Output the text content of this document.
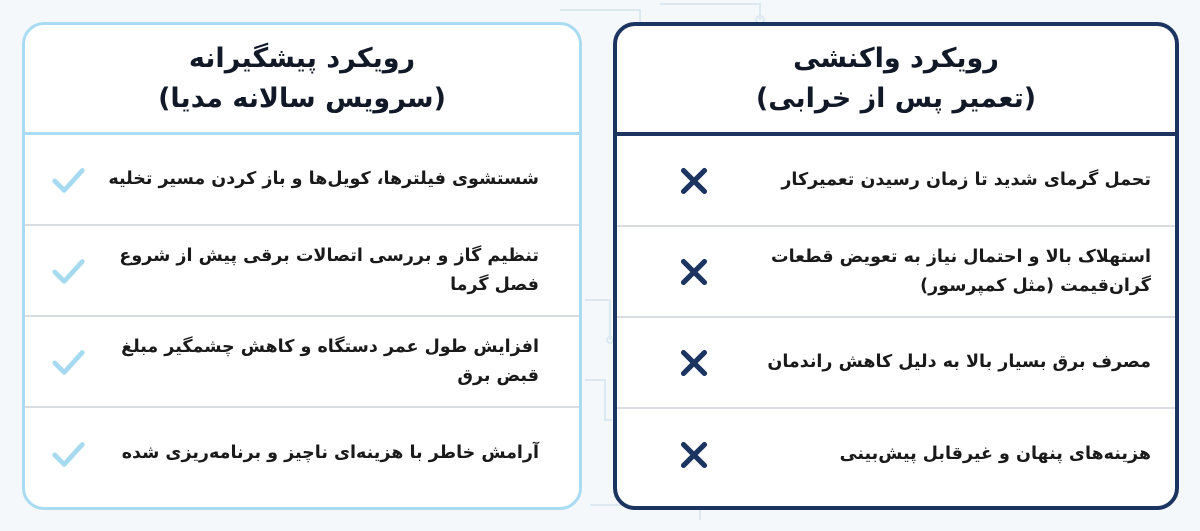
رویکرد پیشگیرانه
(سرویس سالانه مدیا)
شستشوی فیلترها، کویل‌ها و باز کردن مسیر تخلیه
تنظیم گاز و بررسی اتصالات برقی پیش از شروع فصل گرما
افزایش طول عمر دستگاه و کاهش چشمگیر مبلغ قبض برق
آرامش خاطر با هزینه‌ای ناچیز و برنامه‌ریزی شده
رویکرد واکنشی
(تعمیر پس از خرابی)
تحمل گرمای شدید تا زمان رسیدن تعمیرکار
استهلاک بالا و احتمال نیاز به تعویض قطعات گران‌قیمت (مثل کمپرسور)
مصرف برق بسیار بالا به دلیل کاهش راندمان
هزینه‌های پنهان و غیرقابل پیش‌بینی
